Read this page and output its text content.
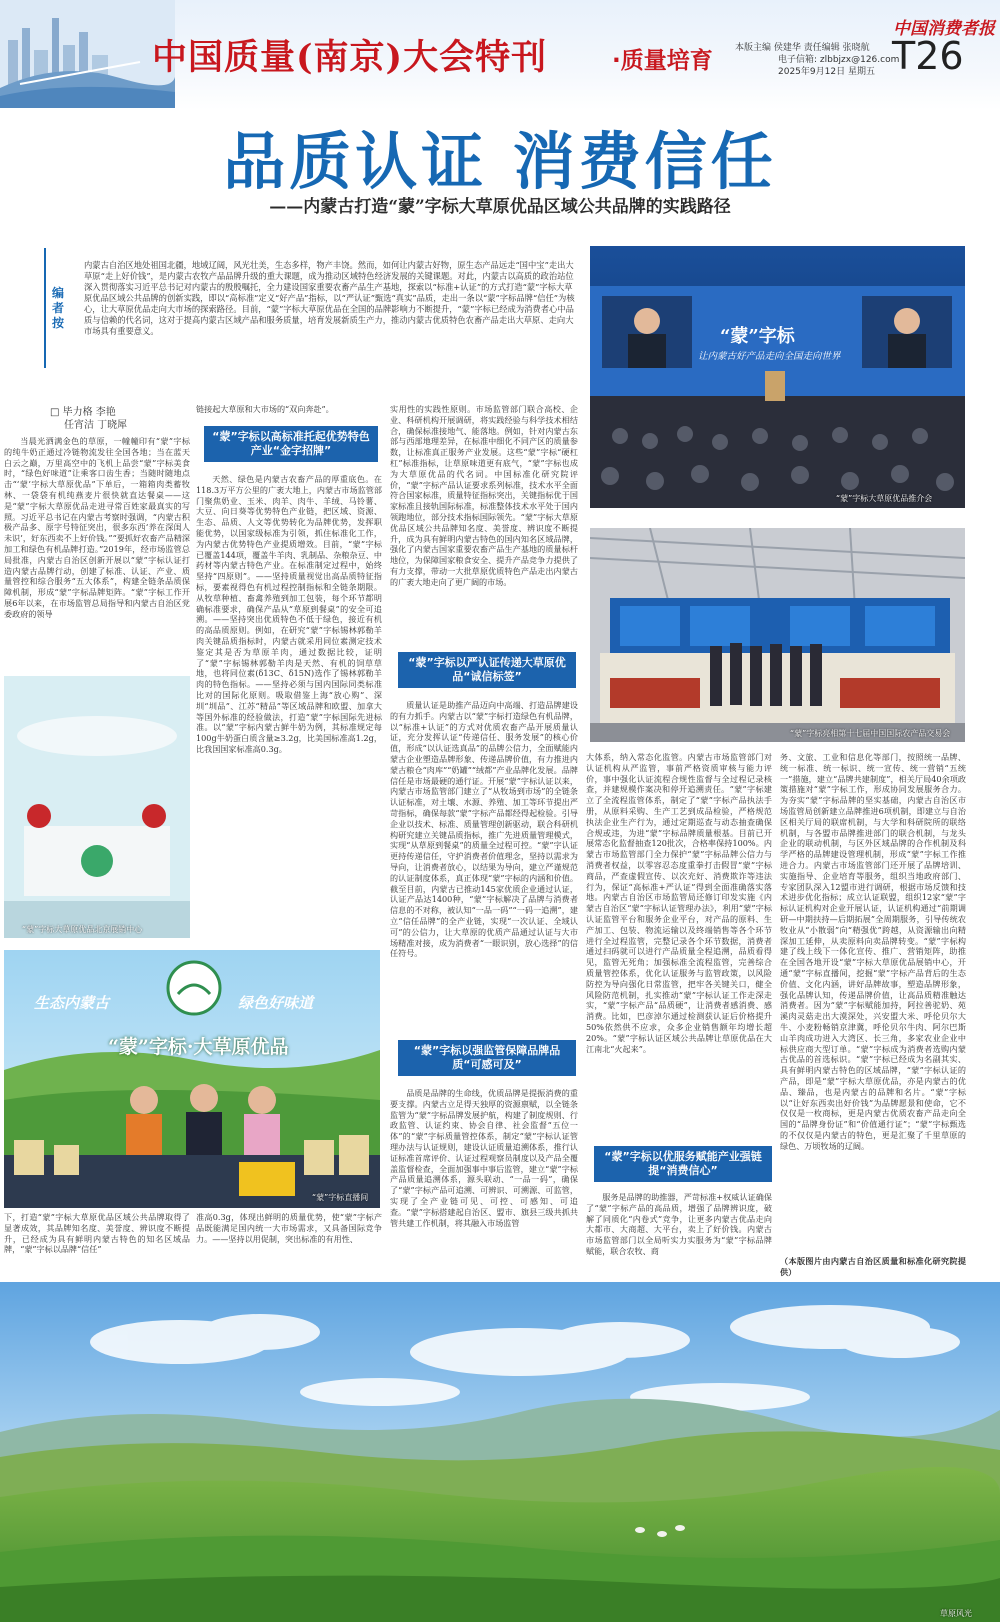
中国质量(南京)大会特刊	·质量培育
中国消费者报
本版主编 侯建华 责任编辑 张晓航
电子信箱: zlbbjzx@126.com
2025年9月12日 星期五 T26
品质认证 消费信任
——内蒙古打造“蒙”字标大草原优品区域公共品牌的实践路径
编者按
内蒙古自治区地处祖国北疆，地域辽阔，风光壮美，生态多样，物产丰饶。然而，如何让内蒙古好物，原生态产品远走“国中宝”走出大草原“走上好价钱”，是内蒙古农牧产品品牌升级的重大课题，成为推动区域特色经济发展的关键课题。对此，内蒙古以高质的政治站位深入贯彻落实习近平总书记对内蒙古的殷殷嘱托，全力建设国家重要农畜产品生产基地，探索以“标准+认证”的方式打造“蒙”字标大草原优品区域公共品牌的创新实践，即以“高标准”定义“好产品”指标，以“严认证”甄选“真实”品质，走出一条以“蒙”字标品牌“信任”为核心，让大草原优品走向大市场的探索路径。目前，“蒙”字标大草原优品在全国的品牌影响力不断提升，“蒙”字标已经成为消费者心中品质与信赖的代名词，这对于提高内蒙古区域产品和服务质量，培育发展新质生产力，推动内蒙古优质特色农畜产品走出大草原、走向大市场具有重要意义。	“蒙”字标
让内蒙古好产品走向全国走向世界
“蒙”字标大草原优品推介会
“蒙”字标亮相第十七届中国国际农产品交易会
“蒙”字标大草原优品北京展销中心
生态内蒙古	绿色好味道
“蒙”字标·大草原优品
“蒙”字标直播间
□ 毕力格 李艳
任宵洁 丁晓犀

当晨光洒满金色的草原，一幢幢印有“蒙”字标的纯牛奶正通过冷链物流发往全国各地；当在蓝天白云之巅，万里高空中的飞机上品尝“蒙”字标美食时，“绿色好味道”让乘客口齿生香；当随时随地点击“‘蒙’字标大草原优品”下单后，一箱箱肉类蓄牧林、一袋袋有机纯燕麦片很快就直达餐桌——这是“蒙”字标大草原优品走进寻常百姓家最真实的写照。习近平总书记在内蒙古考察时强调，“内蒙古积极产品多、原字号特征突出，很多东西‘养在深闺人未识’，好东西卖不上好价钱。”“要抓好农畜产品精深加工和绿色有机品牌打造。”2019年，经市场监管总局批准，内蒙古自治区创新开展以“蒙”字标认证打造内蒙古品牌行动，创建了标准、认证、产业、质量管控和综合服务“五大体系”，构建全链条品质保障机制，形成“蒙”字标品牌矩阵。“蒙”字标工作开展6年以来，在市场监管总局指导和内蒙古自治区党委政府的领导

下，打造“蒙”字标大草原优品区域公共品牌取得了显著成效，其品牌知名度、美誉度、辨识度不断提升，已经成为具有鲜明内蒙古特色的知名区域品牌，“蒙”字标以品牌“信任”

链接起大草原和大市场的“双向奔赴”。

“蒙”字标以高标准托起优势特色产业“金字招牌”

天然、绿色是内蒙古农畜产品的厚重底色。在118.3万平方公里的广袤大地上，内蒙古市场监管部门聚焦奶业、玉米、肉羊、肉牛、羊绒、马铃薯、大豆、向日葵等优势特色产业链，把区域、资源、生态、品质、人文等优势转化为品牌优势，发挥职能优势，以国家级标准为引领，抓住标准化工作，为内蒙古优势特色产业提质增效。目前，“蒙”字标已覆盖144项，覆盖牛羊肉、乳制品、杂粮杂豆、中药材等内蒙古特色产业。在标准制定过程中，始终坚持“四原则”。——坚持质量视觉出高品质特征指标，要素视得色有机过程控制指标和全链条期限。从牧草种植、畜禽养殖到加工包装，每个环节都明确标准要求，确保产品从“草原到餐桌”的安全可追溯。——坚持突出优质特色不低于绿色，接近有机的高品质原则。例如，在研究“蒙”字标锡林郭勒羊肉关键品质指标时，内蒙古就采用同位素测定技术鉴定其是否为草原羊肉，通过数据比较，证明了“蒙”字标锡林郭勒羊肉是天然、有机的饲草草地，也将同位素(δ13C、δ15N)选作了锡林郭勒羊肉的特色指标。——坚持必须与国内国际同类标准比对的国际化原则。吸取借鉴上海“放心购”、深圳“圳品”、江苏“精品”等区域品牌和欧盟、加拿大等国外标准的经验做法，打造“蒙”字标国际先进标准。以“蒙”字标内蒙古鲜牛奶为例，其标准规定每100g牛奶蛋白质含量≥3.2g，比美国标准高1.2g，比我国国家标准高0.3g。

准高0.3g，体现出鲜明的质量优势，使“蒙”字标产品既能满足国内统一大市场需求，又具备国际竞争力。——坚持以用促制，突出标准的有用性、

实用性的实践性原则。市场监管部门联合高校、企业、科研机构开展调研，将实践经验与科学技术相结合，确保标准接地气、能落地。例如，针对内蒙古东部与西部地理差异，在标准中细化不同产区的质量参数，让标准真正服务产业发展。这些“蒙”字标“硬杠杠”标准指标，让草原味道更有底气，“蒙”字标也成为大草原优品的代名词。中国标准化研究院评价，“蒙”字标产品认证要求系列标准，技术水平全面符合国家标准，质量特征指标突出，关键指标优于国家标准且接轨国际标准，标准整体技术水平处于国内领跑地位，部分技术指标国际领先。“蒙”字标大草原优品区域公共品牌知名度、美誉度、辨识度不断提升，成为具有鲜明内蒙古特色的国内知名区域品牌，强化了内蒙古国家重要农畜产品生产基地的质量标杆地位，为保障国家粮食安全、提升产品竞争力提供了有力支撑，带动一大批草原优质特色产品走出内蒙古的广袤大地走向了更广阔的市场。

“蒙”字标以严认证传递大草原优品“诚信标签”

质量认证是助推产品迈向中高端、打造品牌建设的有力抓手。内蒙古以“蒙”字标打造绿色有机品牌，以“标准+认证”的方式对优质农畜产品开展质量认证，充分发挥认证“传递信任、服务发展”的核心价值，形成“以认证选真品”的品牌公信力，全面赋能内蒙古企业塑造品牌形象、传递品牌价值，有力推进内蒙古粮仓“肉库”“奶罐”“绒都”产业品牌化发展。品牌信任是市场最硬的通行证。开展“蒙”字标认证以来，内蒙古市场监管部门建立了“从牧场到市场”的全链条认证标准，对土壤、水源、养殖、加工等环节提出严苛指标，确保每款“蒙”字标产品都经得起检验。引导企业以技术、标准、质量管理创新驱动，联合科研机构研究建立关键品质指标，推广先进质量管理模式，实现“从草原到餐桌”的质量全过程可控。“蒙”字认证更持传递信任，守护消费者价值理念，坚持以需求为导向，让消费者放心，以结果为导向，建立严谨规范的认证制度体系，真正体现“蒙”字标的内涵和价值。截至目前，内蒙古已推动145家优质企业通过认证，认证产品达1400种，“蒙”字标解决了品牌与消费者信息的不对称，被认知“一品一码”“一码一追溯”，建立“信任品牌”的全产业链，实现“一次认证、全域认可”的公信力，让大草原的优质产品通过认证与大市场精准对接，成为消费者“一眼识别，放心选择”的信任符号。

“蒙”字标以强监管保障品牌品质“可感可及”

品质是品牌的生命线，优质品牌是提振消费的重要支撑。内蒙古立足得天独厚的资源禀赋，以全链条监管为“蒙”字标品牌发展护航，构建了制度规则、行政监管、认证约束、协会自律、社会监督“五位一体”的“蒙”字标质量管控体系，制定“蒙”字标认证管理办法与认证规则，建设认证质量追溯体系，推行认证标准首席评价、认证过程观察员制度以及产品全覆盖监督检查，全面加强事中事后监管，建立“蒙”字标产品质量追溯体系，源头联动、“一品一码”，确保了“蒙”字标产品可追溯、可辨识、可溯源、可监管，实现了全产业链可见、可控、可感知、可追查。“蒙”字标搭建起自治区、盟市、旗县三级共抓共管共建工作机制，将其融入市场监管

大体系，纳入常态化监管。内蒙古市场监管部门对认证机构从严监管，事前严格资质审核与能力评价，事中强化认证流程合规性监督与全过程记录核查，并建规模作案决和停开追溯责任。“蒙”字标建立了全流程监管体系，制定了“蒙”字标产品执法手册，从原料采购、生产工艺到成品检验，严格规范执法企业生产行为，通过定期巡查与动态抽查确保合规或违，为进“蒙”字标品牌质量根基。目前已开展常态化监督抽查120批次，合格率保持100%。内蒙古市场监管部门全力保护“蒙”字标品牌公信力与消费者权益，以零容忍态度重拳打击假冒“蒙”字标商品，严查虚假宣传、以次充好、消费欺诈等违法行为，保证“高标准+严认证”得到全面准确落实落地。内蒙古自治区市场监管局还修订印发实施《内蒙古自治区“蒙”字标认证管理办法》，利用“蒙”字标认证监管平台和服务企业平台，对产品的原料、生产加工、包装、物流运输以及终端销售等各个环节进行全过程监管，完整记录各个环节数据，消费者通过扫码就可以进行产品质量全程追溯，品质看得见，监管无死角；加强标准全流程监管，完善综合质量管控体系，优化认证服务与监管政策，以风险防控为导向强化日常监管，把牢各关键关口，健全风险防范机制，扎实推动“蒙”字标认证工作走深走实，“蒙”字标产品“品质硬”，让消费者感消费、感消费。比如，巴彦淖尔通过检测获认证后价格提升50%依然供不应求，众多企业销售额年均增长超20%。“蒙”字标认证区域公共品牌让草原优品在大江南北“火起来”。

“蒙”字标以优服务赋能产业强链提“消费信心”

服务是品牌的助推器，严苛标准+权威认证确保了“蒙”字标产品的高品质，增强了品牌辨识度，破解了同质化“内卷式”竞争，让更多内蒙古优品走向大都市、大商超、大平台，卖上了好价钱。内蒙古市场监管部门以全局听实力实服务为“蒙”字标品牌赋能，联合农牧、商

务、文旅、工业和信息化等部门，按照统一品牌、统一标准、统一标识、统一宣传、统一营销“五统一”措施，建立“品牌共建制度”，相关厅局40余项政策措施对“蒙”字标工作，形成协同发展服务合力。为夯实“蒙”字标品牌的坚实基础，内蒙古自治区市场监管局创新建立品牌推进6项机制，即建立与自治区相关厅局的联席机制，与大学和科研院所的联络机制，与各盟市品牌推进部门的联合机制，与龙头企业的联动机制，与区外区域品牌的合作机制及科学严格的品牌建设管理机制，形成“蒙”字标工作推进合力。内蒙古市场监管部门还开展了品牌培训、实施指导、企业培育等服务，组织当地政府部门、专家团队深入12盟市进行调研，根据市场反馈和技术进步优化指标；成立认证联盟，组织12家“蒙”字标认证机构对企业开展认证，认证机构通过“前期调研—中期扶持—后期拓展”全周期服务，引导传统农牧业从“小散弱”向“精强优”跨越，从资源输出向精深加工延伸，从卖原料向卖品牌转变。“蒙”字标构建了线上线下一体化宣传、推广、营销矩阵，助推在全国各地开设“蒙”字标大草原优品展销中心，开通“蒙”字标直播间，挖掘“蒙”字标产品背后的生态价值、文化内涵，讲好品牌故事，塑造品牌形象，强化品牌认知，传递品牌价值，让高品质精准触达消费者。因为“蒙”字标赋能加持，阿拉善驼奶、苑溪肉灵菇走出大漠深处，兴安盟大米、呼伦贝尔大牛、小麦粉畅销京津冀，呼伦贝尔牛肉、阿尔巴斯山羊肉成功进入大湾区、长三角，多家农业企业中标供应商大型订单。“蒙”字标成为消费者选购内蒙古优品的首选标识。“蒙”字标已经成为名副其实、具有鲜明内蒙古特色的区域品牌，“蒙”字标认证的产品，即是“蒙”字标大草原优品，亦是内蒙古的优品、臻品，也是内蒙古的品牌和名片。“蒙”字标以“让好东西卖出好价钱”为品牌愿景和使命，它不仅仅是一枚商标，更是内蒙古优质农畜产品走向全国的“品牌身份证”和“价值通行证”；“蒙”字标甄选的不仅仅是内蒙古的特色，更是汇聚了千里草原的绿色、万顷牧场的辽阔。

（本版图片由内蒙古自治区质量和标准化研究院提供）

草原风光
